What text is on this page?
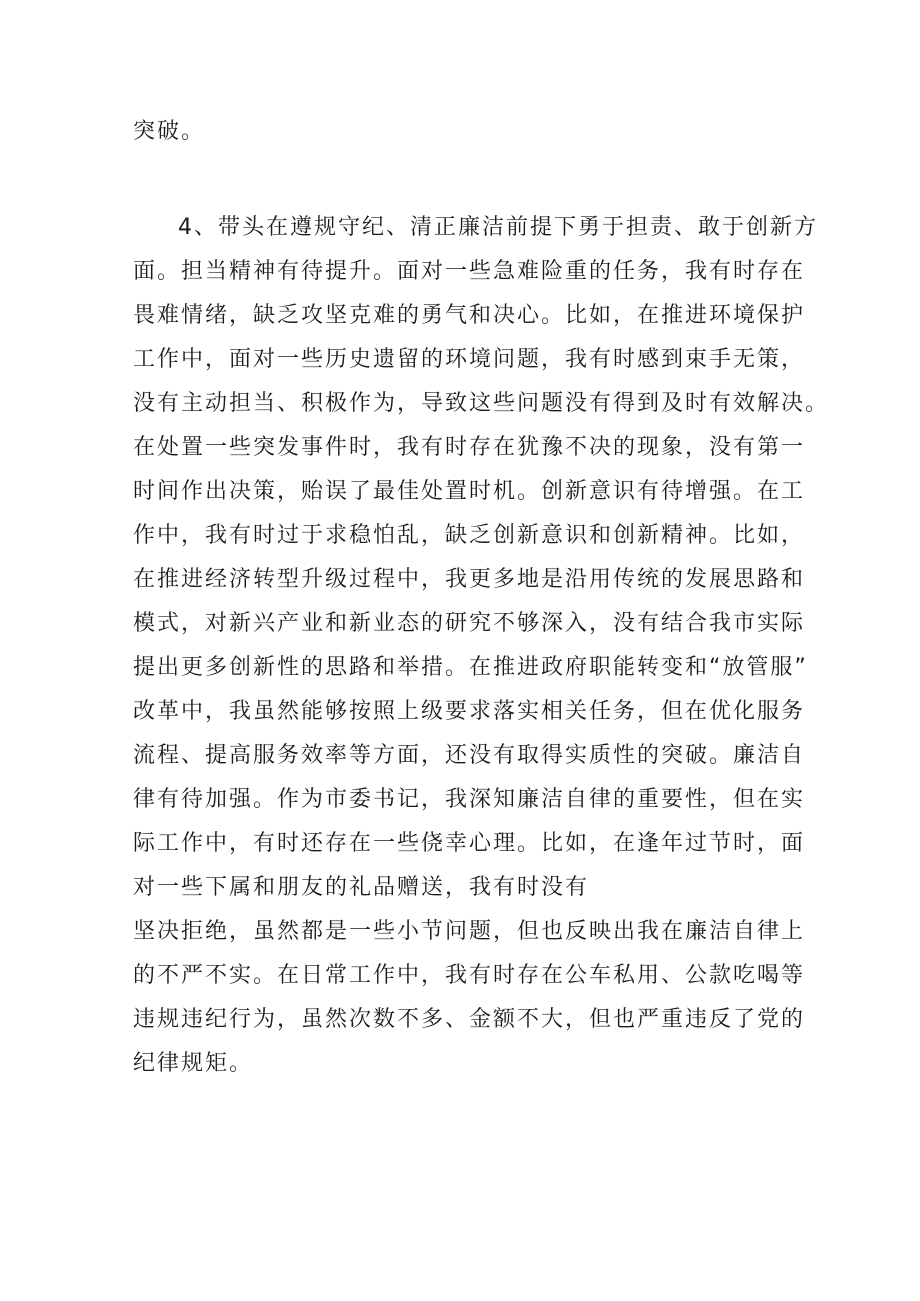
突破。
4、带头在遵规守纪、清正廉洁前提下勇于担责、敢于创新方
面。担当精神有待提升。面对一些急难险重的任务，我有时存在
畏难情绪，缺乏攻坚克难的勇气和决心。比如，在推进环境保护
工作中，面对一些历史遗留的环境问题，我有时感到束手无策，
没有主动担当、积极作为，导致这些问题没有得到及时有效解决。
在处置一些突发事件时，我有时存在犹豫不决的现象，没有第一
时间作出决策，贻误了最佳处置时机。创新意识有待增强。在工
作中，我有时过于求稳怕乱，缺乏创新意识和创新精神。比如，
在推进经济转型升级过程中，我更多地是沿用传统的发展思路和
模式，对新兴产业和新业态的研究不够深入，没有结合我市实际
提出更多创新性的思路和举措。在推进政府职能转变和“放管服”
改革中，我虽然能够按照上级要求落实相关任务，但在优化服务
流程、提高服务效率等方面，还没有取得实质性的突破。廉洁自
律有待加强。作为市委书记，我深知廉洁自律的重要性，但在实
际工作中，有时还存在一些侥幸心理。比如，在逢年过节时，面
对一些下属和朋友的礼品赠送，我有时没有
坚决拒绝，虽然都是一些小节问题，但也反映出我在廉洁自律上
的不严不实。在日常工作中，我有时存在公车私用、公款吃喝等
违规违纪行为，虽然次数不多、金额不大，但也严重违反了党的
纪律规矩。
